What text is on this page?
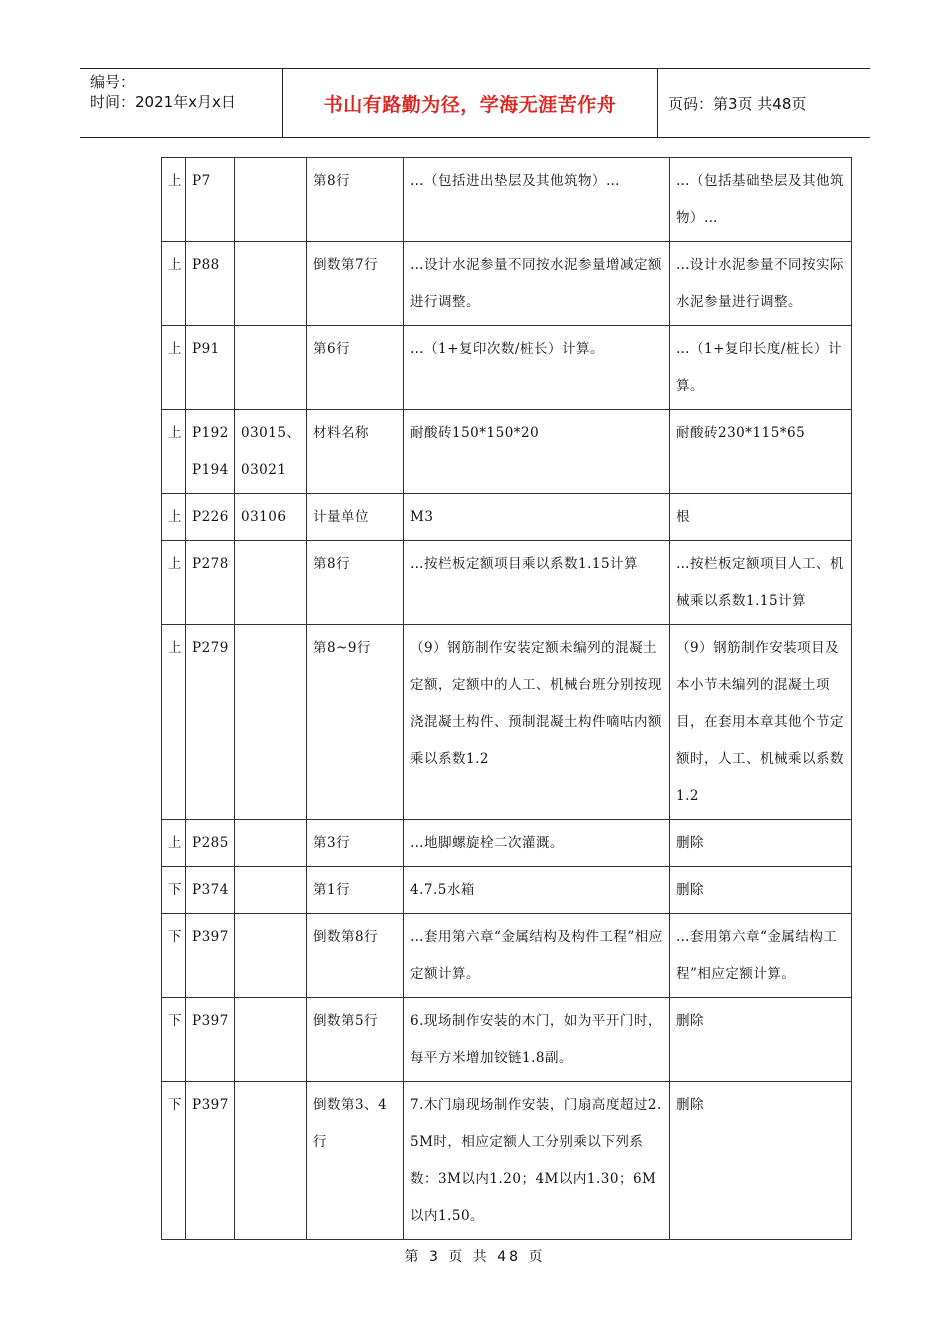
编号：
时间：2021年x月x日	书山有路勤为径，学海无涯苦作舟	页码：第3页 共48页
上	P7		第8行	…（包括进出垫层及其他筑物）…	…（包括基础垫层及其他筑物）…
上	P88		倒数第7行	…设计水泥参量不同按水泥参量增减定额进行调整。	…设计水泥参量不同按实际水泥参量进行调整。
上	P91		第6行	…（1+复印次数/桩长）计算。	…（1+复印长度/桩长）计算。
上	P192 P194	03015、03021	材料名称	耐酸砖150*150*20	耐酸砖230*115*65
上	P226	03106	计量单位	M3	根
上	P278		第8行	…按栏板定额项目乘以系数1.15计算	…按栏板定额项目人工、机械乘以系数1.15计算
上	P279		第8~9行	（9）钢筋制作安装定额未编列的混凝土定额，定额中的人工、机械台班分别按现浇混凝土构件、预制混凝土构件嘀咕内额乘以系数1.2	（9）钢筋制作安装项目及本小节未编列的混凝土项目，在套用本章其他个节定额时，人工、机械乘以系数1.2
上	P285		第3行	…地脚螺旋栓二次灌溉。	删除
下	P374		第1行	4.7.5水箱	删除
下	P397		倒数第8行	…套用第六章“金属结构及构件工程”相应定额计算。	…套用第六章“金属结构工程”相应定额计算。
下	P397		倒数第5行	6.现场制作安装的木门，如为平开门时，每平方米增加铰链1.8副。	删除
下	P397		倒数第3、4行	7.木门扇现场制作安装，门扇高度超过2.5M时，相应定额人工分别乘以下列系数：3M以内1.20；4M以内1.30；6M以内1.50。	删除
第 3 页 共 48 页
